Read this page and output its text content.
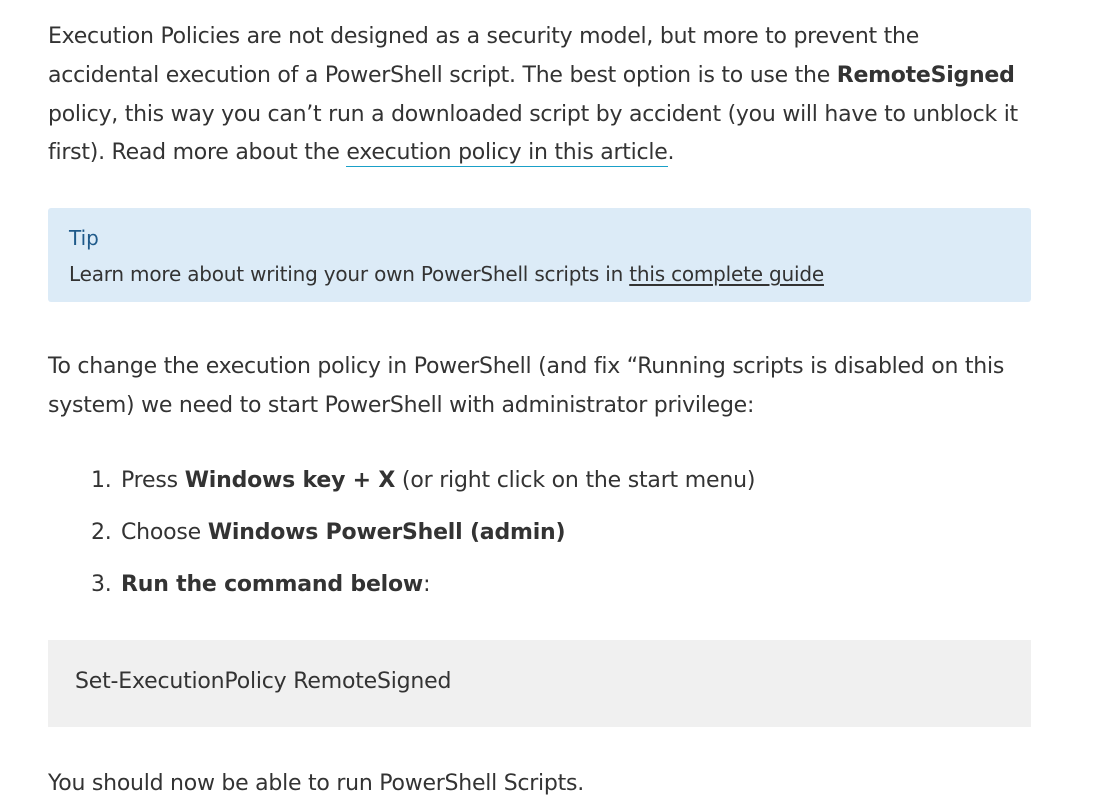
Execution Policies are not designed as a security model, but more to prevent the accidental execution of a PowerShell script. The best option is to use the RemoteSigned policy, this way you can’t run a downloaded script by accident (you will have to unblock it first). Read more about the execution policy in this article.

Tip

Learn more about writing your own PowerShell scripts in this complete guide

To change the execution policy in PowerShell (and fix “Running scripts is disabled on this system) we need to start PowerShell with administrator privilege:

1. Press Windows key + X (or right click on the start menu)
2. Choose Windows PowerShell (admin)
3. Run the command below:
Set-ExecutionPolicy RemoteSigned

You should now be able to run PowerShell Scripts.
